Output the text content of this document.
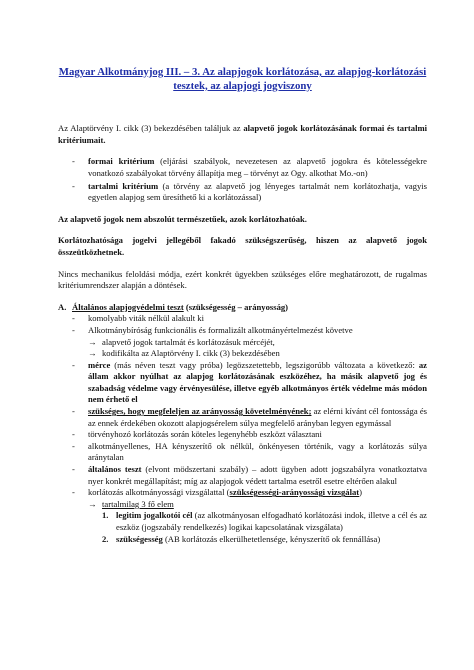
Magyar Alkotmányjog III. – 3. Az alapjogok korlátozása, az alapjog-korlátozási tesztek, az alapjogi jogviszony

Az Alaptörvény I. cikk (3) bekezdésében találjuk az alapvető jogok korlátozásának formai és tartalmi kritériumait.

- formai kritérium (eljárási szabályok, nevezetesen az alapvető jogokra és kötelességekre vonatkozó szabályokat törvény állapítja meg – törvényt az Ogy. alkothat Mo.-on)
- tartalmi kritérium (a törvény az alapvető jog lényeges tartalmát nem korlátozhatja, vagyis egyetlen alapjog sem üresíthető ki a korlátozással)

Az alapvető jogok nem abszolút természetűek, azok korlátozhatóak.

Korlátozhatósága jogelvi jellegéből fakadó szükségszerűség, hiszen az alapvető jogok összeütközhetnek.

Nincs mechanikus feloldási módja, ezért konkrét ügyekben szükséges előre meghatározott, de rugalmas kritériumrendszer alapján a döntések.

A. Általános alapjogvédelmi teszt (szükségesség – arányosság)
- komolyabb viták nélkül alakult ki
- Alkotmánybíróság funkcionális és formalizált alkotmányértelmezést követve
→ alapvető jogok tartalmát és korlátozásuk mércéjét,
→ kodifikálta az Alaptörvény I. cikk (3) bekezdésében
- mérce (más néven teszt vagy próba) legözszetettebb, legszigorúbb változata a következő: az állam akkor nyúlhat az alapjog korlátozásának eszközéhez, ha másik alapvető jog és szabadság védelme vagy érvényesülése, illetve egyéb alkotmányos érték védelme más módon nem érhető el
- szükséges, hogy megfeleljen az arányosság követelményének; az elérni kívánt cél fontossága és az ennek érdekében okozott alapjogsérelem súlya megfelelő arányban legyen egymással
- törvényhozó korlátozás során köteles legenyhébb eszközt választani
- alkotmányellenes, HA kényszerítő ok nélkül, önkényesen történik, vagy a korlátozás súlya aránytalan
- általános teszt (elvont mödszertani szabály) – adott ügyben adott jogszabályra vonatkoztatva nyer konkrét megállapítást; míg az alapjogok védett tartalma esetről esetre eltérően alakul
- korlátozás alkotmányossági vizsgálattal (szükségességi-arányossági vizsgálat)
→ tartalmilag 3 fő elem
1. legitim jogalkotói cél (az alkotmányosan elfogadható korlátozási indok, illetve a cél és az eszköz (jogszabály rendelkezés) logikai kapcsolatának vizsgálata)
2. szükségesség (AB korlátozás elkerülhetetlensége, kényszerítő ok fennállása)
